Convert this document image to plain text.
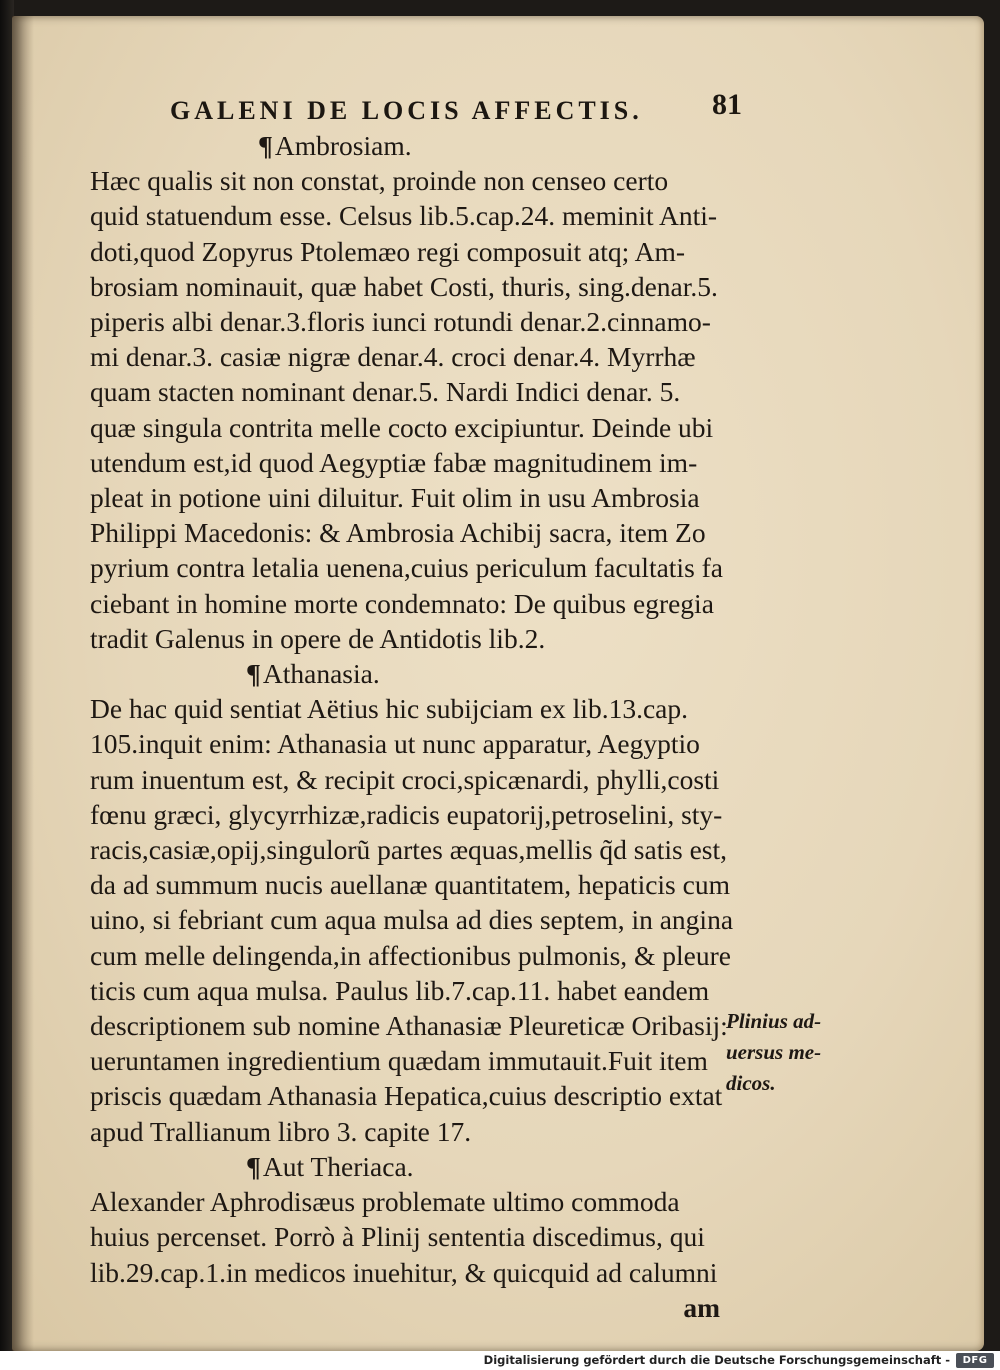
GALENI DE LOCIS AFFECTIS. 81
¶Ambrosiam.
Hæc qualis sit non constat, proinde non censeo certo
quid statuendum esse. Celsus lib.5.cap.24. meminit Anti-
doti,quod Zopyrus Ptolemæo regi composuit atq; Am-
brosiam nominauit, quæ habet Costi, thuris, sing.denar.5.
piperis albi denar.3.floris iunci rotundi denar.2.cinnamo-
mi denar.3. casiæ nigræ denar.4. croci denar.4. Myrrhæ
quam stacten nominant denar.5. Nardi Indici denar. 5.
quæ singula contrita melle cocto excipiuntur. Deinde ubi
utendum est,id quod Aegyptiæ fabæ magnitudinem im-
pleat in potione uini diluitur. Fuit olim in usu Ambrosia
Philippi Macedonis: & Ambrosia Achibij sacra, item Zo
pyrium contra letalia uenena,cuius periculum facultatis fa
ciebant in homine morte condemnato: De quibus egregia
tradit Galenus in opere de Antidotis lib.2.
¶Athanasia.
De hac quid sentiat Aëtius hic subijciam ex lib.13.cap.
105.inquit enim: Athanasia ut nunc apparatur, Aegyptio
rum inuentum est, & recipit croci,spicænardi, phylli,costi
fœnu græci, glycyrrhizæ,radicis eupatorij,petroselini, sty-
racis,casiæ,opij,singulorũ partes æquas,mellis q̃d satis est,
da ad summum nucis auellanæ quantitatem, hepaticis cum
uino, si febriant cum aqua mulsa ad dies septem, in angina
cum melle delingenda,in affectionibus pulmonis, & pleure
ticis cum aqua mulsa. Paulus lib.7.cap.11. habet eandem
descriptionem sub nomine Athanasiæ Pleureticæ Oribasij:
ueruntamen ingredientium quædam immutauit.Fuit item
priscis quædam Athanasia Hepatica,cuius descriptio extat
apud Trallianum libro 3. capite 17.
¶Aut Theriaca.
Alexander Aphrodisæus problemate ultimo commoda
huius percenset. Porrò à Plinij sententia discedimus, qui
lib.29.cap.1.in medicos inuehitur, & quicquid ad calumni
am
Plinius ad-
uersus me-
dicos.
Digitalisierung gefördert durch die Deutsche Forschungsgemeinschaft -	DFG
